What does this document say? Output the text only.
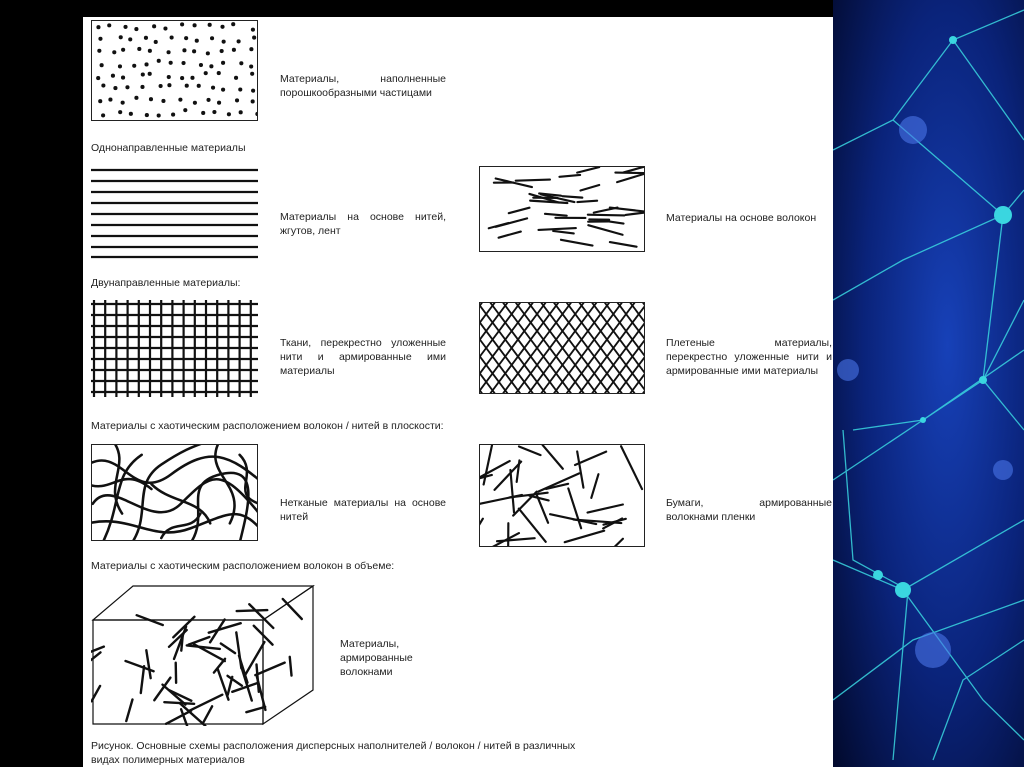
Материалы, наполненные порошкообразными частицами
Однонаправленные материалы
Материалы на основе нитей, жгутов, лент
Материалы на основе волокон
Двунаправленные материалы:
Ткани, перекрестно уложенные нити и армированные ими материалы
Плетеные материалы, перекрестно уложенные нити и армированные ими материалы
Материалы с хаотическим расположением волокон / нитей в плоскости:
Нетканые материалы на основе нитей
Бумаги, армированные волокнами пленки
Материалы с хаотическим расположением волокон в объеме:
Материалы, армированные волокнами
Рисунок. Основные схемы расположения дисперсных наполнителей / волокон / нитей в различных видах полимерных материалов
